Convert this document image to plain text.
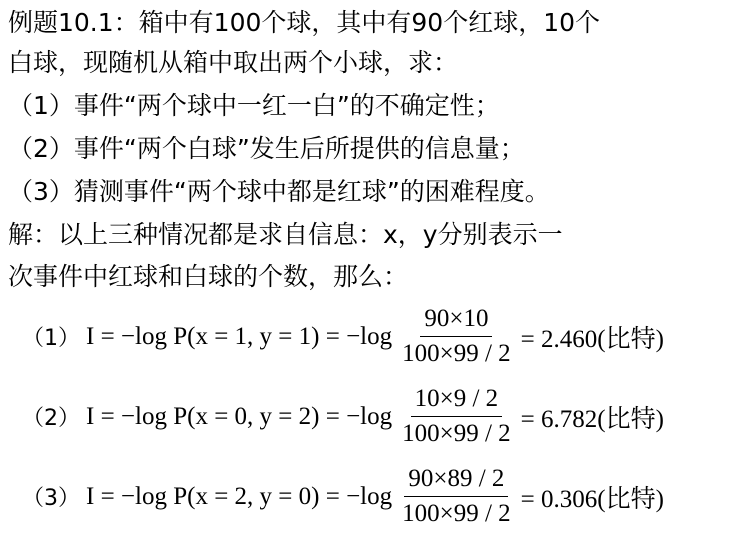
例题10.1：箱中有100个球，其中有90个红球，10个
白球，现随机从箱中取出两个小球，求：
（1）事件“两个球中一红一白”的不确定性；
（2）事件“两个白球”发生后所提供的信息量；
（3）猜测事件“两个球中都是红球”的困难程度。
解：以上三种情况都是求自信息：x，y分别表示一
次事件中红球和白球的个数，那么：
（1） I = −log P(x = 1, $y = 1) = -\log \frac{90\times 10}{100\times 99 / 2} = 2.460$(比特)
（2） I = −log P(x = 0, $y = 2) = -\log \frac{10\times 9 / 2}{100\times 99 / 2} = 6.782$(比特)
（3） I = −log P(x = 2, $y = 0) = -\log \frac{90\times 89 / 2}{100\times 99 / 2} = 0.306$(比特)
